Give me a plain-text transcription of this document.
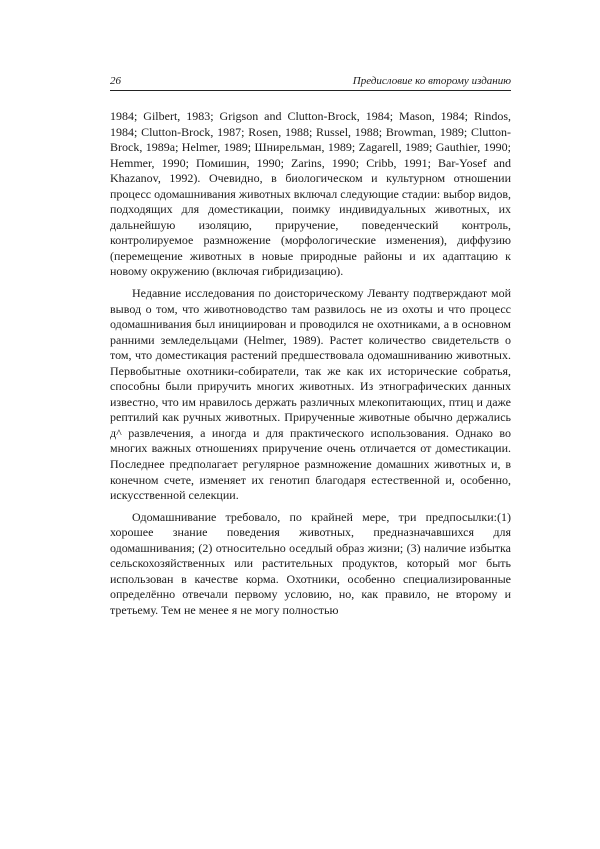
26	Предисловие ко второму изданию

1984; Gilbert, 1983; Grigson and Clutton-Brock, 1984; Mason, 1984; Rindos, 1984; Clutton-Brock, 1987; Rosen, 1988; Russel, 1988; Browman, 1989; Clutton-Brock, 1989a; Helmer, 1989; Шнирельман, 1989; Zagarell, 1989; Gauthier, 1990; Hemmer, 1990; Помишин, 1990; Zarins, 1990; Cribb, 1991; Bar-Yosef and Khazanov, 1992). Очевидно, в биологическом и культурном отношении процесс одомашнивания животных включал следующие стадии: выбор видов, подходящих для доместикации, поимку индивидуальных животных, их дальнейшую изоляцию, приручение, поведенческий контроль, контролируемое размножение (морфологические изменения), диффузию (перемещение животных в новые природные районы и их адаптацию к новому окружению (включая гибридизацию).

Недавние исследования по доисторическому Леванту подтверждают мой вывод о том, что животноводство там развилось не из охоты и что процесс одомашнивания был инициирован и проводился не охотниками, а в основном ранними земледельцами (Helmer, 1989). Растет количество свидетельств о том, что доместикация растений предшествовала одомашниванию животных. Первобытные охотники-собиратели, так же как их исторические собратья, способны были приручить многих животных. Из этнографических данных известно, что им нравилось держать различных млекопитающих, птиц и даже рептилий как ручных животных. Прирученные животные обычно держались д^ развлечения, а иногда и для практического использования. Однако во многих важных отношениях приручение очень отличается от доместикации. Последнее предполагает регулярное размножение домашних животных и, в конечном счете, изменяет их генотип благодаря естественной и, особенно, искусственной селекции.

Одомашнивание требовало, по крайней мере, три предпосылки:(1) хорошее знание поведения животных, предназначавшихся для одомашнивания; (2) относительно оседлый образ жизни; (3) наличие избытка сельскохозяйственных или растительных продуктов, который мог быть использован в качестве корма. Охотники, особенно специализированные определённо отвечали первому условию, но, как правило, не второму и третьему. Тем не менее я не могу полностью
